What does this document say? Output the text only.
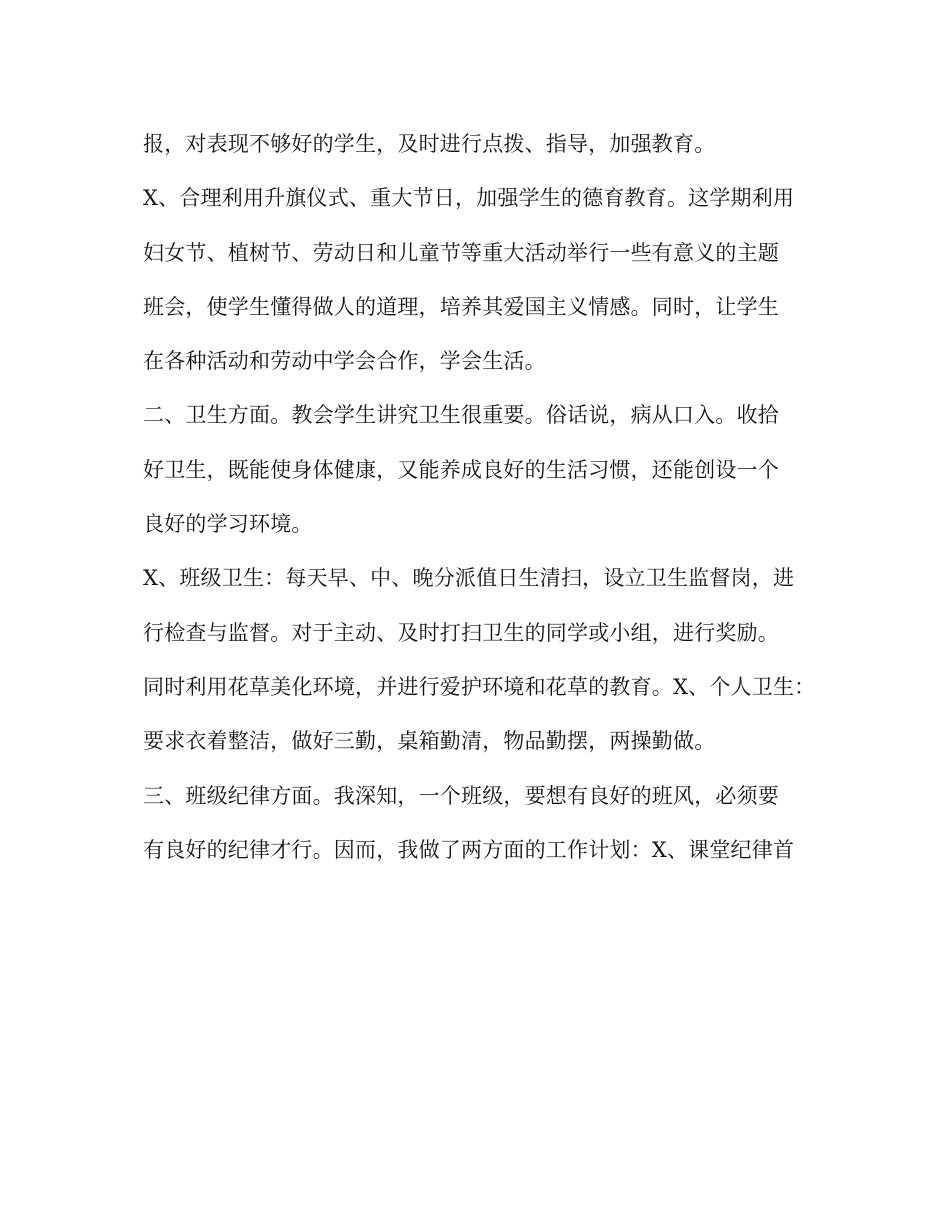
报，对表现不够好的学生，及时进行点拨、指导，加强教育。
X、合理利用升旗仪式、重大节日，加强学生的德育教育。这学期利用
妇女节、植树节、劳动日和儿童节等重大活动举行一些有意义的主题
班会，使学生懂得做人的道理，培养其爱国主义情感。同时，让学生
在各种活动和劳动中学会合作，学会生活。
二、卫生方面。教会学生讲究卫生很重要。俗话说，病从口入。收拾
好卫生，既能使身体健康，又能养成良好的生活习惯，还能创设一个
良好的学习环境。
X、班级卫生：每天早、中、晚分派值日生清扫，设立卫生监督岗，进
行检查与监督。对于主动、及时打扫卫生的同学或小组，进行奖励。
同时利用花草美化环境，并进行爱护环境和花草的教育。X、个人卫生：
要求衣着整洁，做好三勤，桌箱勤清，物品勤摆，两操勤做。
三、班级纪律方面。我深知，一个班级，要想有良好的班风，必须要
有良好的纪律才行。因而，我做了两方面的工作计划：X、课堂纪律首
